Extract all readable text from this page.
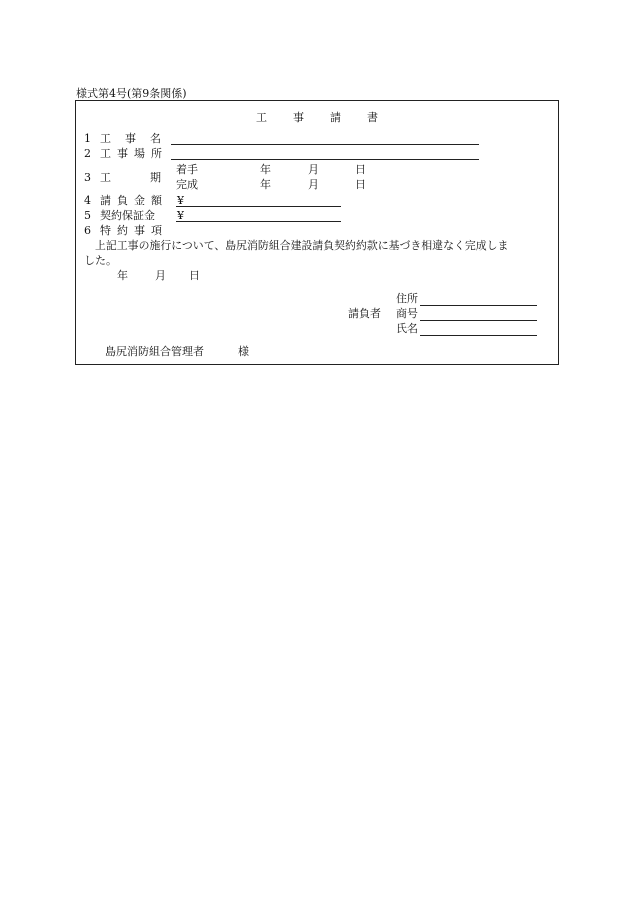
様式第4号(第9条関係)
工 事 請 書
1 工 事 名
2 工 事 場 所
3 工	期
着手	年	月	日
完成	年	月	日
4 請 負 金 額 ¥
5 契約保証金 ¥
6 特 約 事 項
上記工事の施行について、島尻消防組合建設請負契約約款に基づき相違なく完成しま
した。
年 月 日
住所
請負者 商号
氏名
島尻消防組合管理者	様
